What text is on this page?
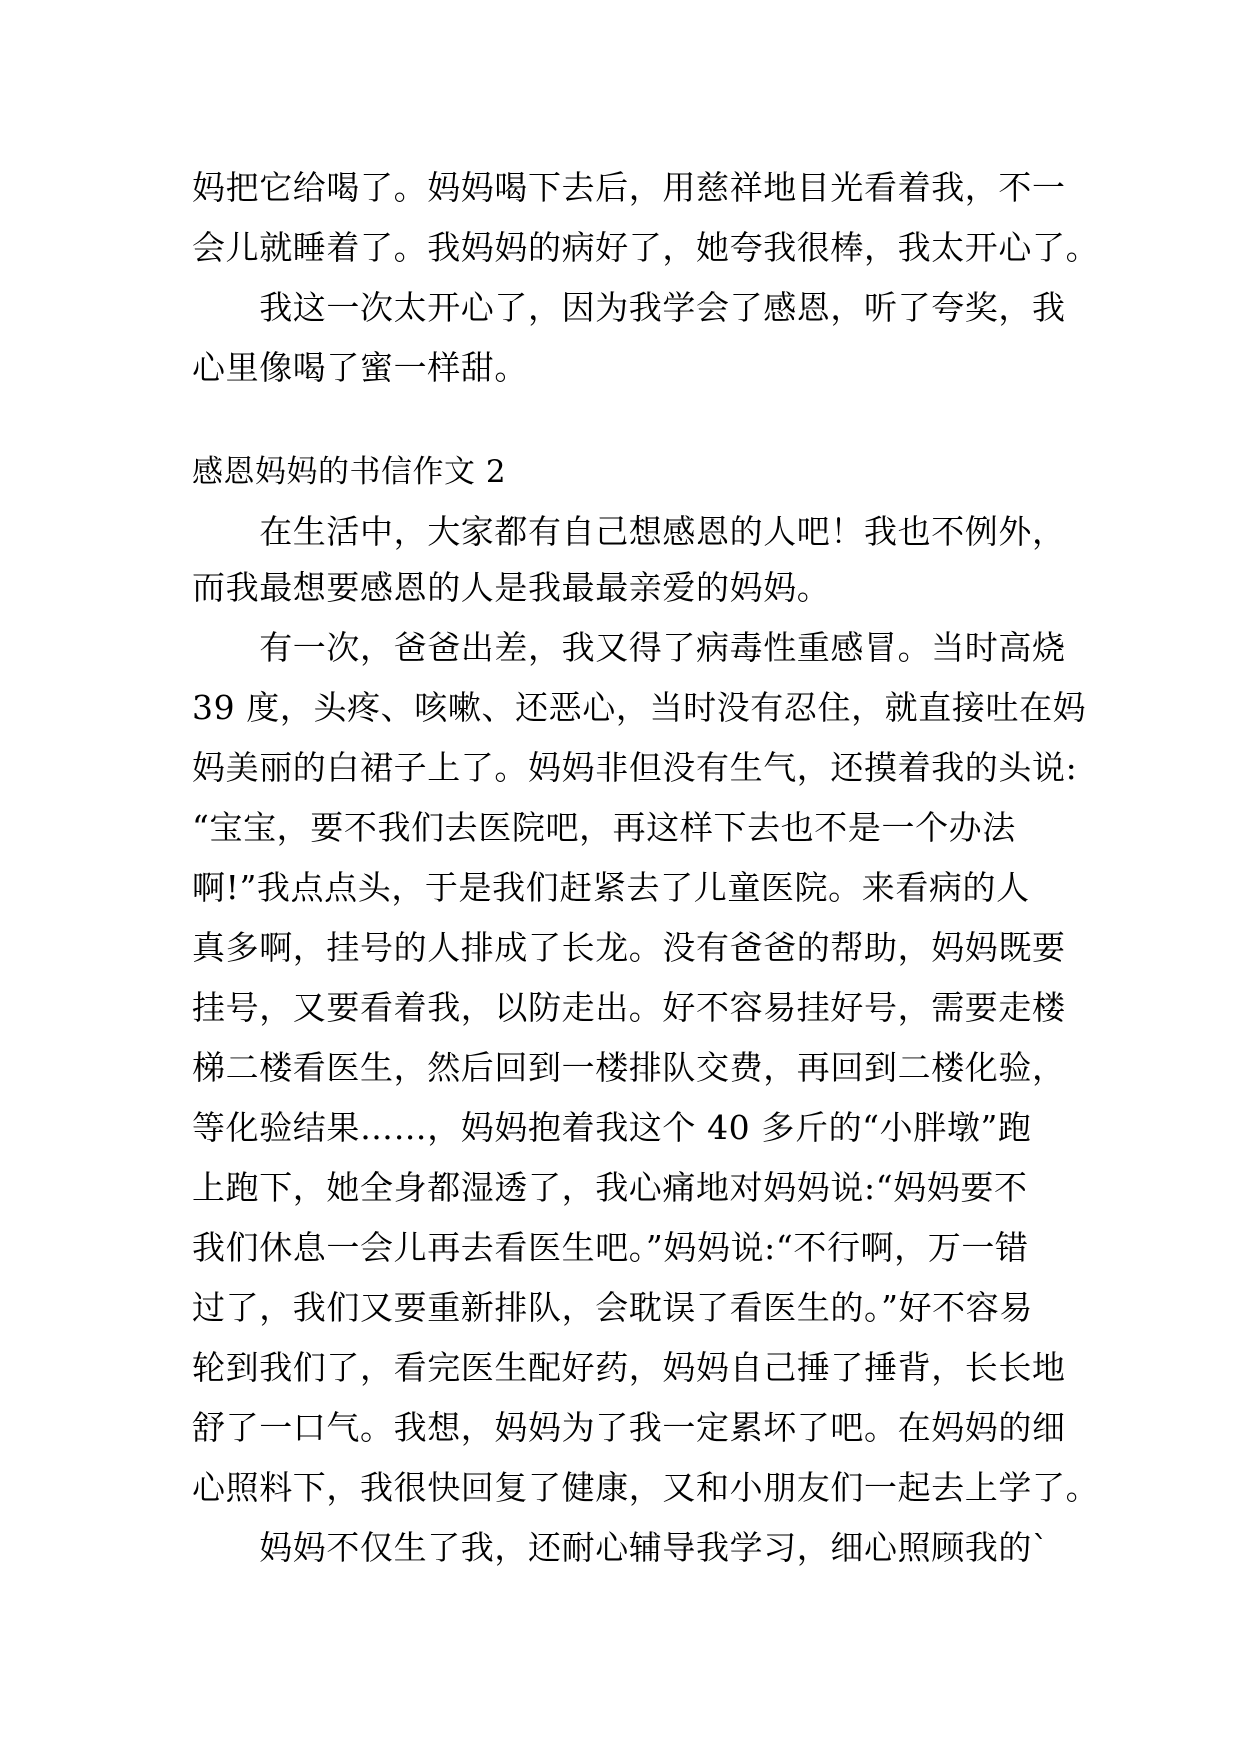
妈把它给喝了。妈妈喝下去后，用慈祥地目光看着我，不一
会儿就睡着了。我妈妈的病好了，她夸我很棒，我太开心了。
　　我这一次太开心了，因为我学会了感恩，听了夸奖，我
心里像喝了蜜一样甜。
感恩妈妈的书信作文 2
　　在生活中，大家都有自己想感恩的人吧！我也不例外，
而我最想要感恩的人是我最最亲爱的妈妈。
　　有一次，爸爸出差，我又得了病毒性重感冒。当时高烧
39 度，头疼、咳嗽、还恶心，当时没有忍住，就直接吐在妈
妈美丽的白裙子上了。妈妈非但没有生气，还摸着我的头说:
“宝宝，要不我们去医院吧，再这样下去也不是一个办法
啊!”我点点头，于是我们赶紧去了儿童医院。来看病的人
真多啊，挂号的人排成了长龙。没有爸爸的帮助，妈妈既要
挂号，又要看着我，以防走出。好不容易挂好号，需要走楼
梯二楼看医生，然后回到一楼排队交费，再回到二楼化验，
等化验结果……，妈妈抱着我这个 40 多斤的“小胖墩”跑
上跑下，她全身都湿透了，我心痛地对妈妈说:“妈妈要不
我们休息一会儿再去看医生吧。”妈妈说:“不行啊，万一错
过了，我们又要重新排队，会耽误了看医生的。”好不容易
轮到我们了，看完医生配好药，妈妈自己捶了捶背，长长地
舒了一口气。我想，妈妈为了我一定累坏了吧。在妈妈的细
心照料下，我很快回复了健康，又和小朋友们一起去上学了。
　　妈妈不仅生了我，还耐心辅导我学习，细心照顾我的`
